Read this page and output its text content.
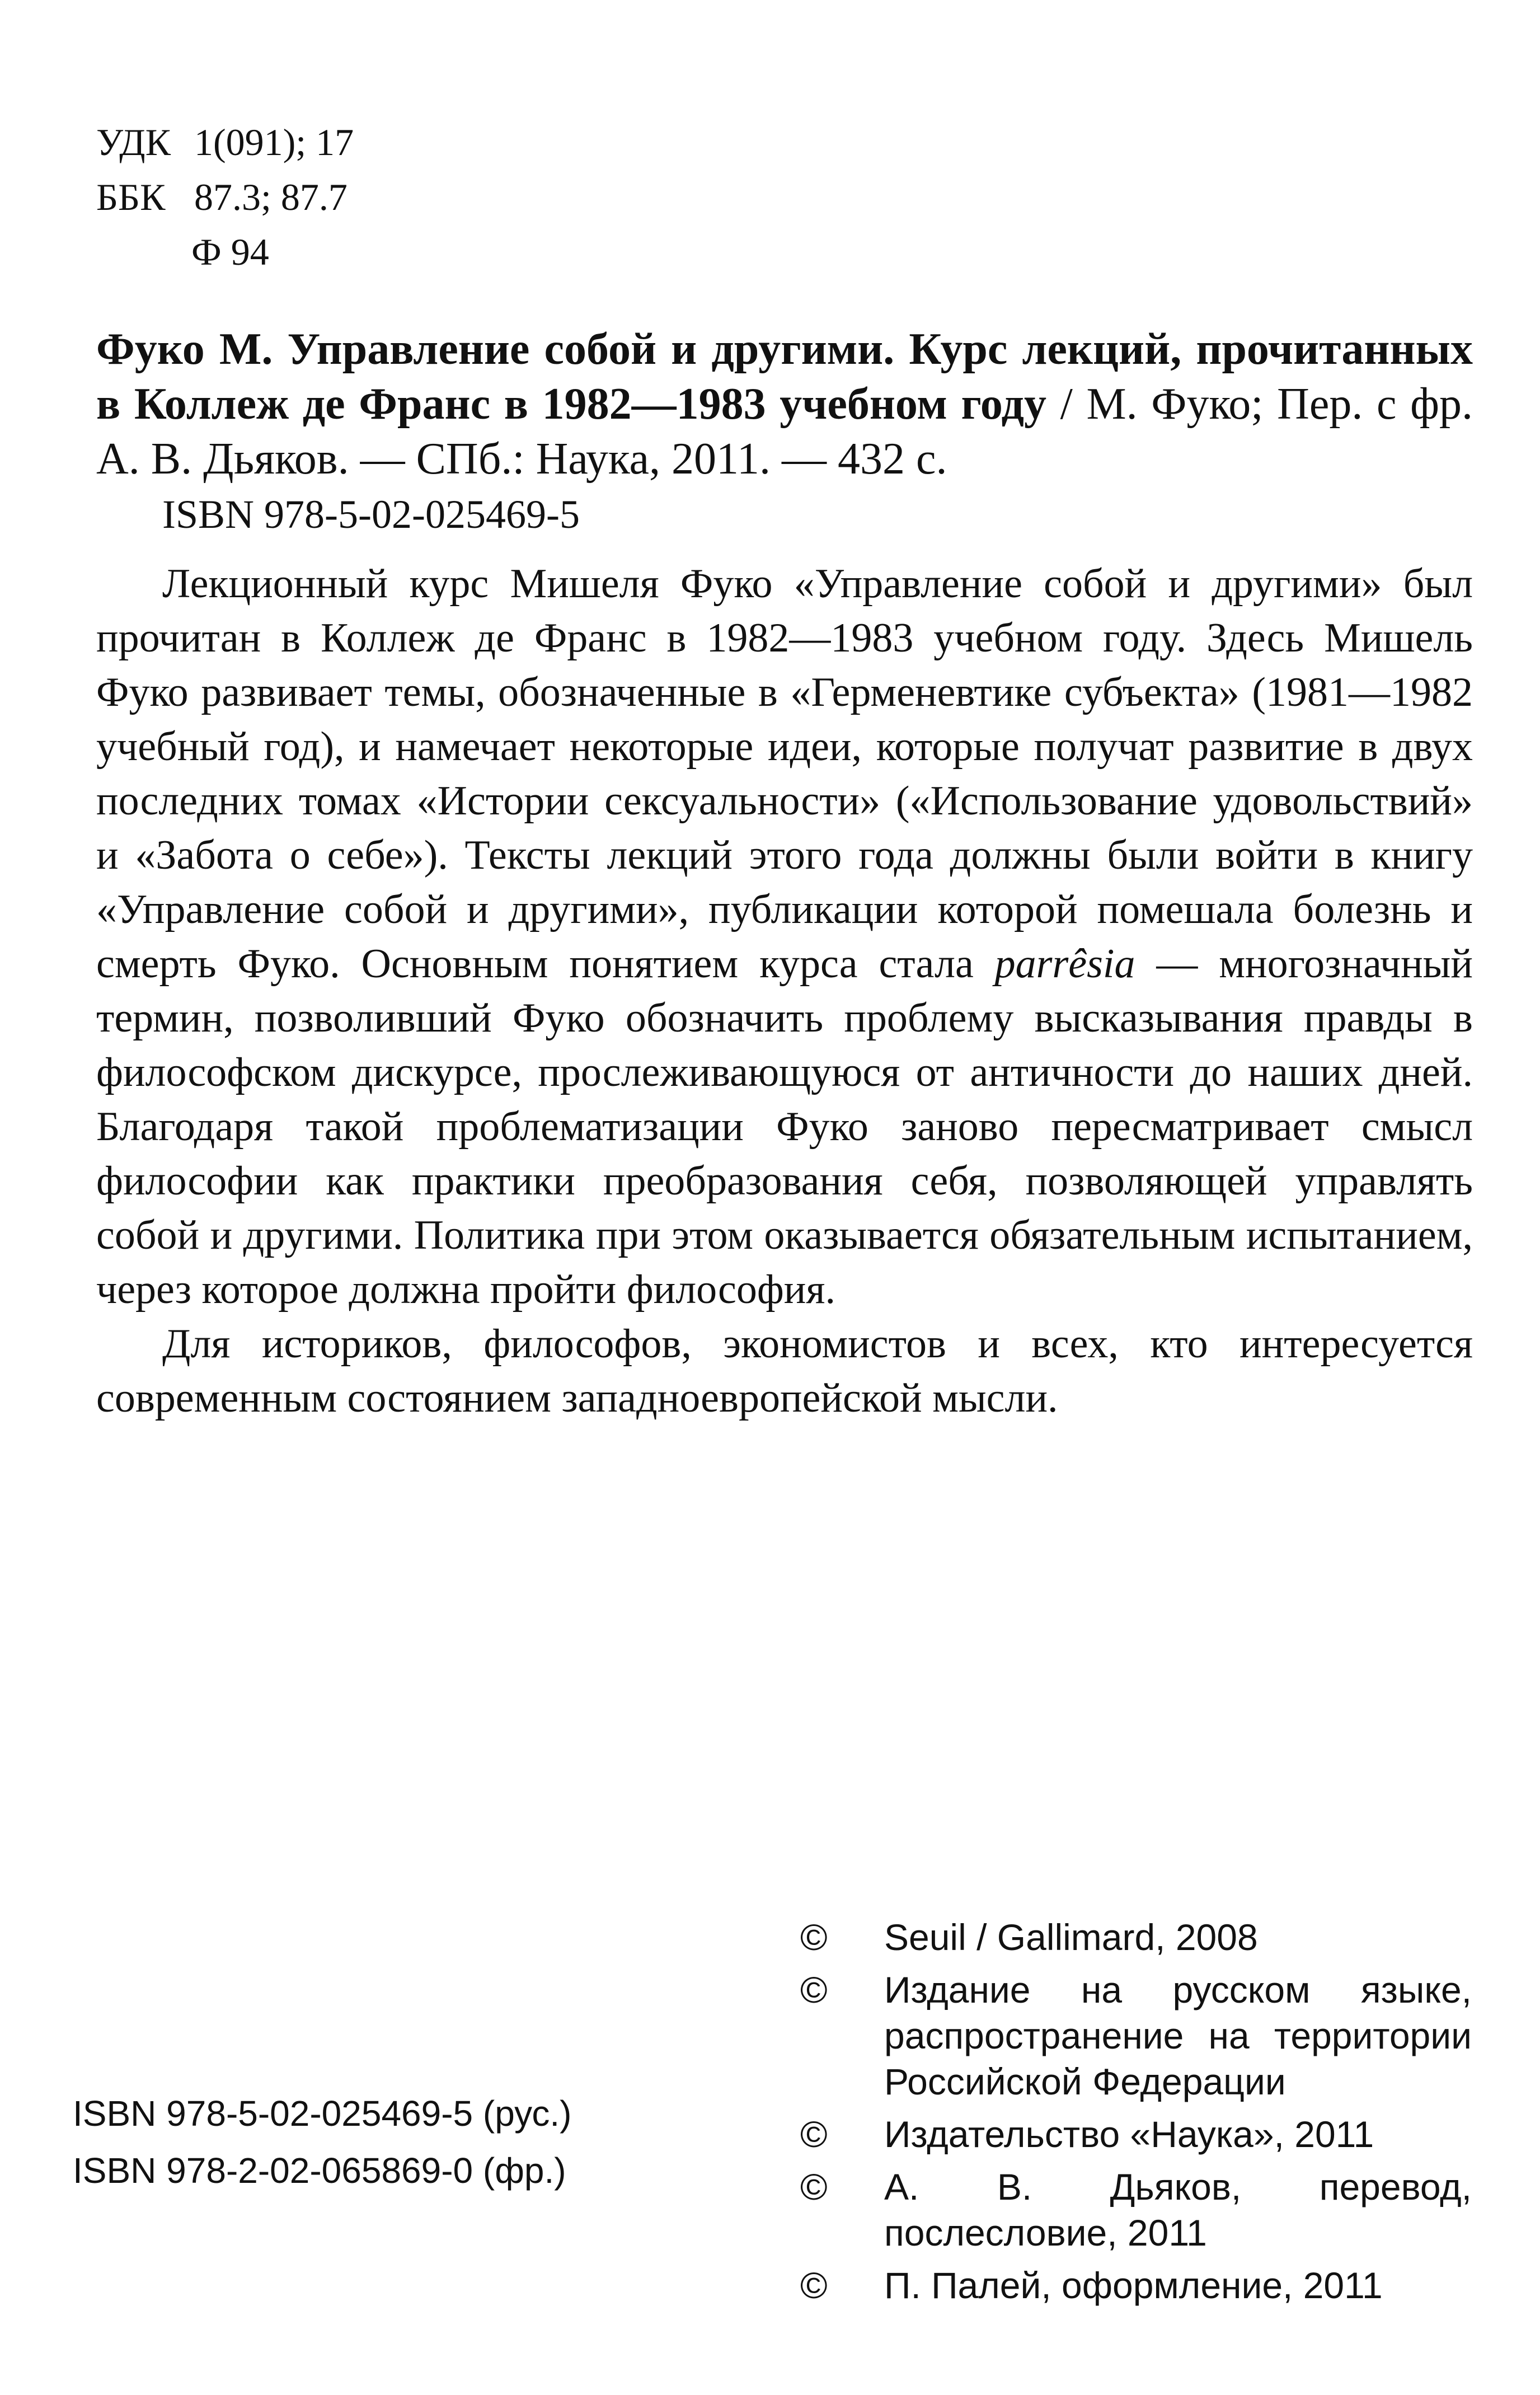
УДК 1(091); 17
ББК 87.3; 87.7
Ф 94
Фуко М. Управление собой и другими. Курс лекций, прочитанных в Коллеж де Франс в 1982—1983 учебном году / М. Фуко; Пер. с фр. А. В. Дьяков. — СПб.: Наука, 2011. — 432 с.
ISBN 978-5-02-025469-5

Лекционный курс Мишеля Фуко «Управление собой и другими» был прочитан в Коллеж де Франс в 1982—1983 учебном году. Здесь Мишель Фуко развивает темы, обозначенные в «Герменевтике субъекта» (1981—1982 учебный год), и намечает некоторые идеи, которые получат развитие в двух последних томах «Истории сексуальности» («Использование удовольствий» и «Забота о себе»). Тексты лекций этого года должны были войти в книгу «Управление собой и другими», публикации которой помешала болезнь и смерть Фуко. Основным понятием курса стала parrêsia — многозначный термин, позволивший Фуко обозначить проблему высказывания правды в философском дискурсе, прослеживающуюся от античности до наших дней. Благодаря такой проблематизации Фуко заново пересматривает смысл философии как практики преобразования себя, позволяющей управлять собой и другими. Политика при этом оказывается обязательным испытанием, через которое должна пройти философия.

Для историков, философов, экономистов и всех, кто интересуется современным состоянием западноевропейской мысли.

ISBN 978-5-02-025469-5 (рус.)
ISBN 978-2-02-065869-0 (фр.)
©	Seuil / Gallimard, 2008
©	Издание на русском языке, распространение на территории Российской Федерации
©	Издательство «Наука», 2011
©	А. В. Дьяков, перевод, послесловие, 2011
©	П. Палей, оформление, 2011
